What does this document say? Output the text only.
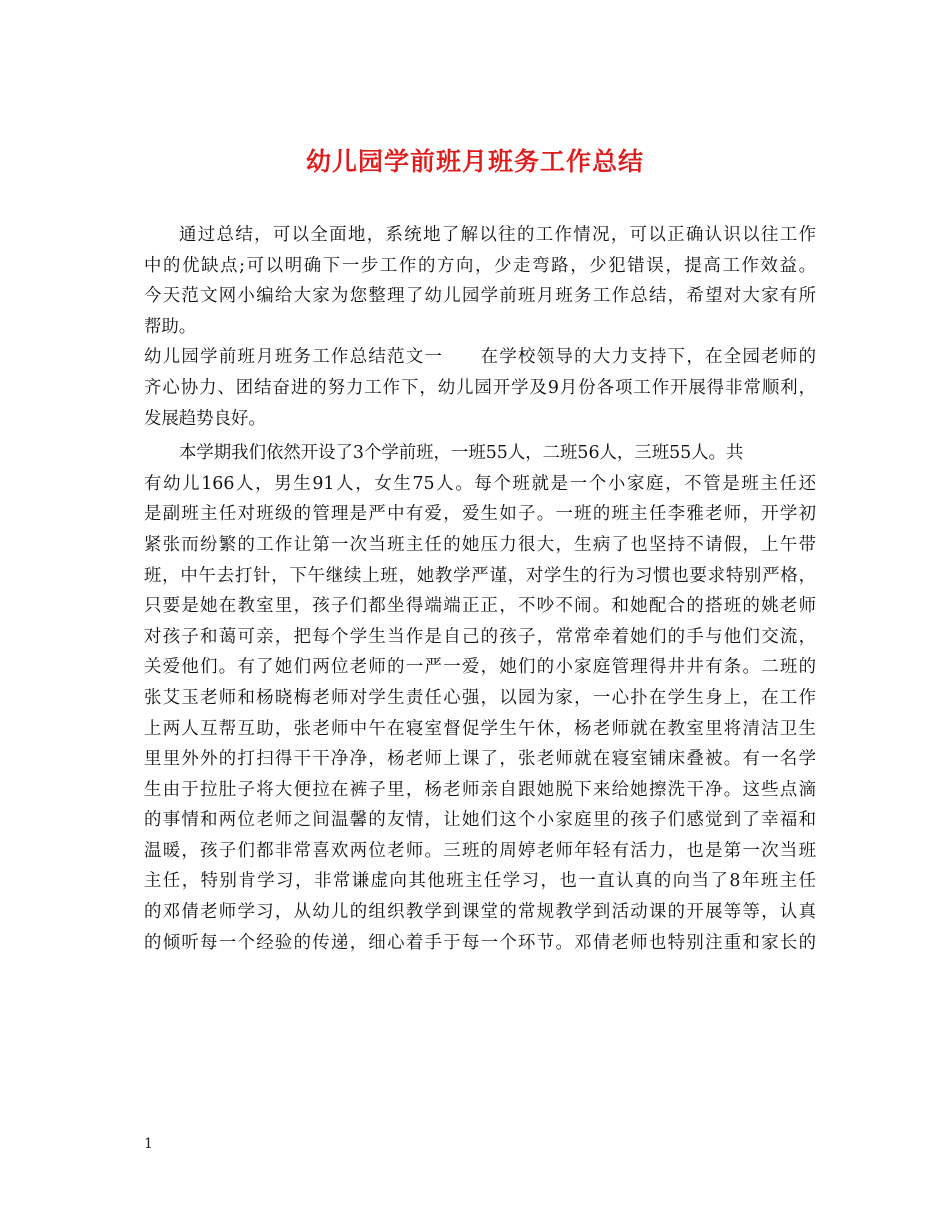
幼儿园学前班月班务工作总结
通过总结，可以全面地，系统地了解以往的工作情况，可以正确认识以往工作
中的优缺点;可以明确下一步工作的方向，少走弯路，少犯错误，提高工作效益。
今天范文网小编给大家为您整理了幼儿园学前班月班务工作总结，希望对大家有所
帮助。
幼儿园学前班月班务工作总结范文一　　在学校领导的大力支持下，在全园老师的
齐心协力、团结奋进的努力工作下，幼儿园开学及9月份各项工作开展得非常顺利，
发展趋势良好。
本学期我们依然开设了3个学前班，一班55人，二班56人，三班55人。共
有幼儿166人，男生91人，女生75人。每个班就是一个小家庭，不管是班主任还
是副班主任对班级的管理是严中有爱，爱生如子。一班的班主任李雅老师，开学初
紧张而纷繁的工作让第一次当班主任的她压力很大，生病了也坚持不请假，上午带
班，中午去打针，下午继续上班，她教学严谨，对学生的行为习惯也要求特别严格，
只要是她在教室里，孩子们都坐得端端正正，不吵不闹。和她配合的搭班的姚老师
对孩子和蔼可亲，把每个学生当作是自己的孩子，常常牵着她们的手与他们交流，
关爱他们。有了她们两位老师的一严一爱，她们的小家庭管理得井井有条。二班的
张艾玉老师和杨晓梅老师对学生责任心强，以园为家，一心扑在学生身上，在工作
上两人互帮互助，张老师中午在寝室督促学生午休，杨老师就在教室里将清洁卫生
里里外外的打扫得干干净净，杨老师上课了，张老师就在寝室铺床叠被。有一名学
生由于拉肚子将大便拉在裤子里，杨老师亲自跟她脱下来给她擦洗干净。这些点滴
的事情和两位老师之间温馨的友情，让她们这个小家庭里的孩子们感觉到了幸福和
温暖，孩子们都非常喜欢两位老师。三班的周婷老师年轻有活力，也是第一次当班
主任，特别肯学习，非常谦虚向其他班主任学习，也一直认真的向当了8年班主任
的邓倩老师学习，从幼儿的组织教学到课堂的常规教学到活动课的开展等等，认真
的倾听每一个经验的传递，细心着手于每一个环节。邓倩老师也特别注重和家长的
1
